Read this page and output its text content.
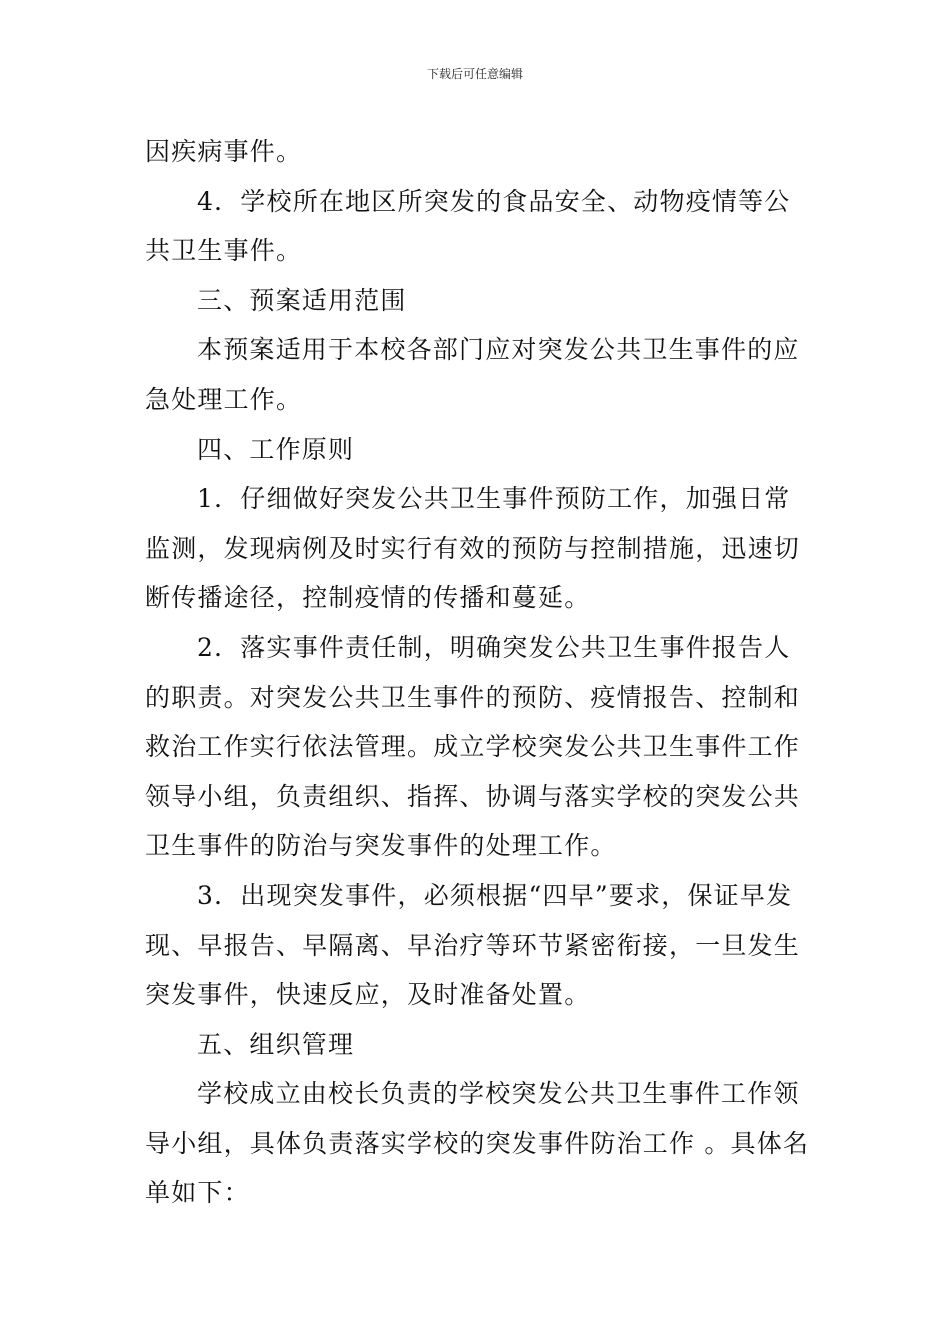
下载后可任意编辑

因疾病事件。

4．学校所在地区所突发的食品安全、动物疫情等公共卫生事件。

三、预案适用范围

本预案适用于本校各部门应对突发公共卫生事件的应急处理工作。

四、工作原则

1．仔细做好突发公共卫生事件预防工作，加强日常监测，发现病例及时实行有效的预防与控制措施，迅速切断传播途径，控制疫情的传播和蔓延。

2．落实事件责任制，明确突发公共卫生事件报告人的职责。对突发公共卫生事件的预防、疫情报告、控制和救治工作实行依法管理。成立学校突发公共卫生事件工作领导小组，负责组织、指挥、协调与落实学校的突发公共卫生事件的防治与突发事件的处理工作。

3．出现突发事件，必须根据“四早”要求，保证早发现、早报告、早隔离、早治疗等环节紧密衔接，一旦发生突发事件，快速反应，及时准备处置。

五、组织管理

学校成立由校长负责的学校突发公共卫生事件工作领导小组，具体负责落实学校的突发事件防治工作 。具体名单如下：
